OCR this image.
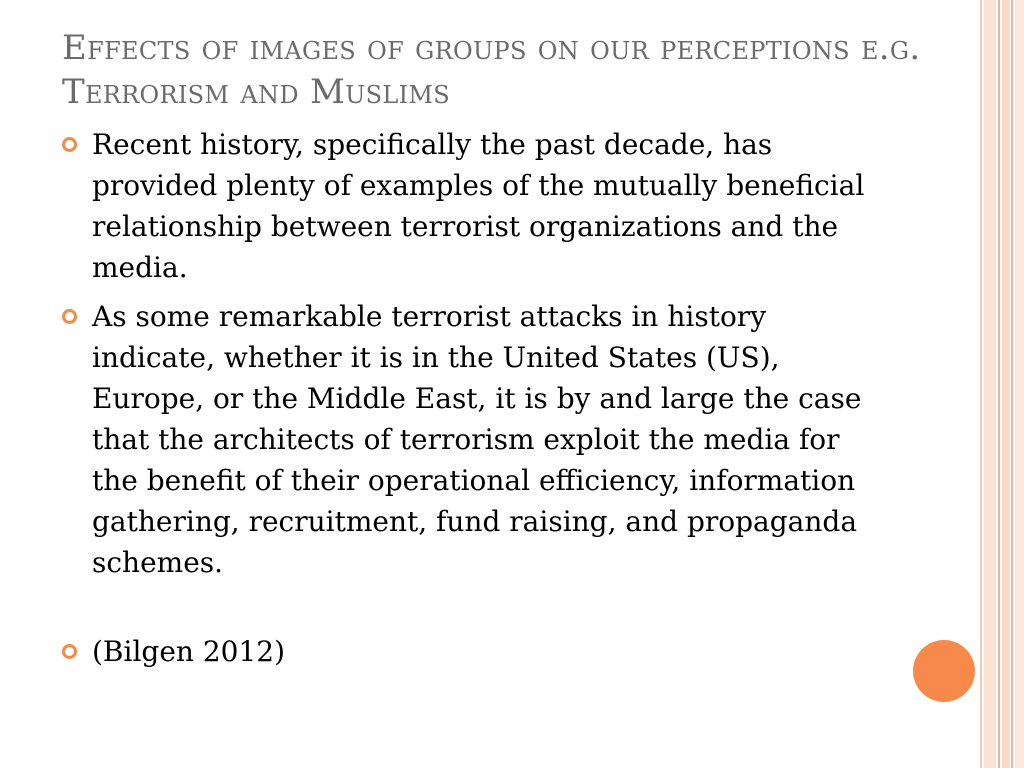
Effects of images of groups on our perceptions e.g. Terrorism and Muslims
Recent history, specifically the past decade, has provided plenty of examples of the mutually beneficial relationship between terrorist organizations and the media.
As some remarkable terrorist attacks in history indicate, whether it is in the United States (US), Europe, or the Middle East, it is by and large the case that the architects of terrorism exploit the media for the benefit of their operational efficiency, information gathering, recruitment, fund raising, and propaganda schemes.
(Bilgen 2012)
